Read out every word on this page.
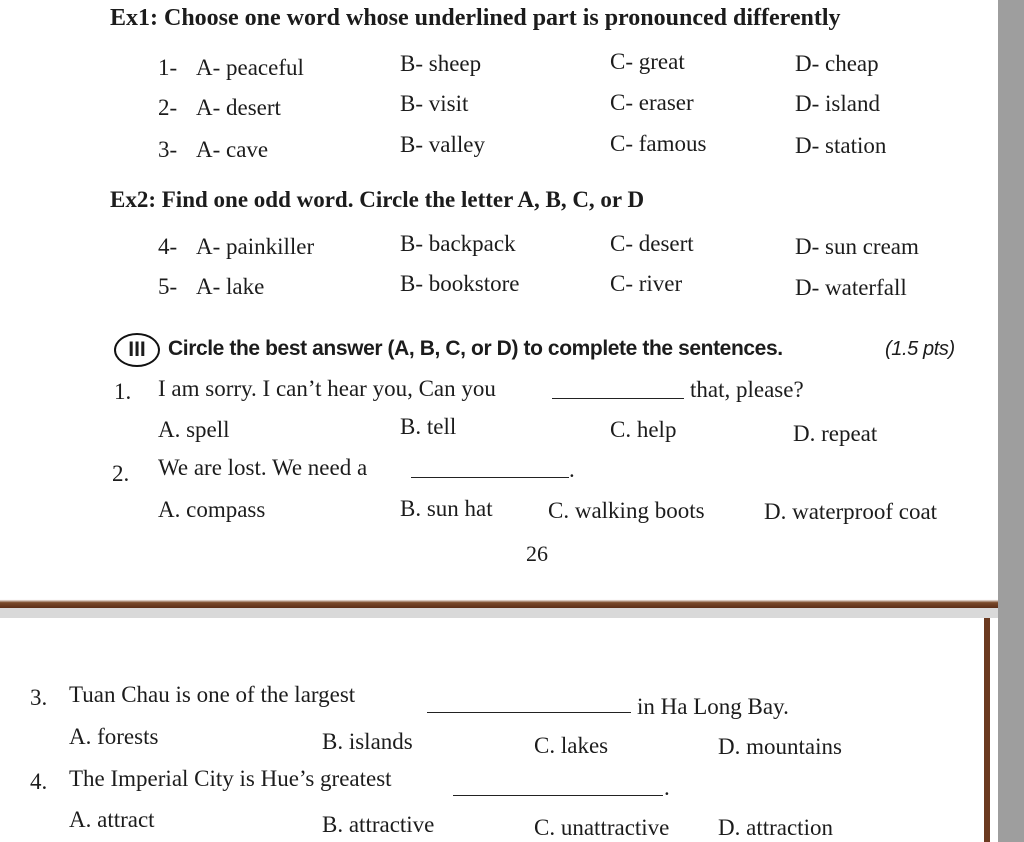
Ex1: Choose one word whose underlined part is pronounced differently
1- A- peaceful	B- sheep	C- great	D- cheap
2- A- desert	B- visit	C- eraser	D- island
3- A- cave	B- valley	C- famous	D- station
Ex2: Find one odd word. Circle the letter A, B, C, or D
4- A- painkiller	B- backpack	C- desert	D- sun cream
5- A- lake	B- bookstore	C- river	D- waterfall
III	Circle the best answer (A, B, C, or D) to complete the sentences.	(1.5 pts)
1. I am sorry. I can’t hear you, Can you	that, please?
A. spell	B. tell	C. help	D. repeat
2. We are lost. We need a	.
A. compass	B. sun hat C. walking boots	D. waterproof coat
26
3. Tuan Chau is one of the largest	in Ha Long Bay.
A. forests	B. islands	C. lakes	D. mountains
4. The Imperial City is Hue’s greatest	.
A. attract	B. attractive	C. unattractive D. attraction
